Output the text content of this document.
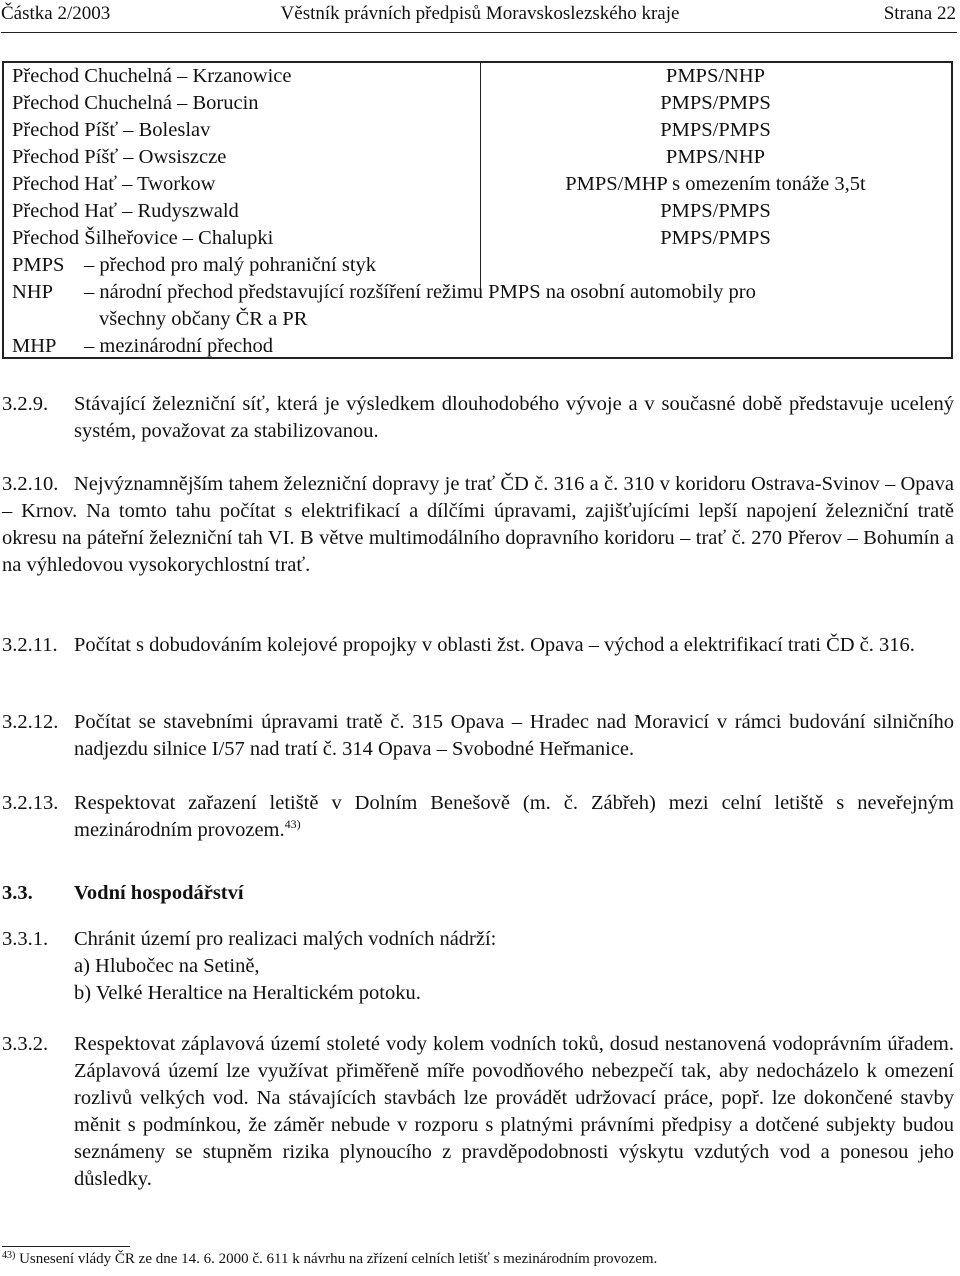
Částka 2/2003	Věstník právních předpisů Moravskoslezského kraje	Strana 22
Přechod Chuchelná – Krzanowice	PMPS/NHP
Přechod Chuchelná – Borucin	PMPS/PMPS
Přechod Píšť – Boleslav	PMPS/PMPS
Přechod Píšť – Owsiszcze	PMPS/NHP
Přechod Hať – Tworkow	PMPS/MHP s omezením tonáže 3,5t
Přechod Hať – Rudyszwald	PMPS/PMPS
Přechod Šilheřovice – Chalupki	PMPS/PMPS
PMPS – přechod pro malý pohraniční styk
NHP – národní přechod představující rozšíření režimu PMPS na osobní automobily pro
všechny občany ČR a PR
MHP – mezinárodní přechod
3.2.9. Stávající železniční síť, která je výsledkem dlouhodobého vývoje a v současné době představuje ucelený systém, považovat za stabilizovanou.
3.2.10. Nejvýznamnějším tahem železniční dopravy je trať ČD č. 316 a č. 310 v koridoru Ostrava-Svinov – Opava – Krnov. Na tomto tahu počítat s elektrifikací a dílčími úpravami, zajišťujícími lepší napojení železniční tratě okresu na páteřní železniční tah VI. B větve multimodálního dopravního koridoru – trať č. 270 Přerov – Bohumín a na výhledovou vysokorychlostní trať.
3.2.11. Počítat s dobudováním kolejové propojky v oblasti žst. Opava – východ a elektrifikací trati ČD č. 316.
3.2.12. Počítat se stavebními úpravami tratě č. 315 Opava – Hradec nad Moravicí v rámci budování silničního nadjezdu silnice I/57 nad tratí č. 314 Opava – Svobodné Heřmanice.
3.2.13. Respektovat zařazení letiště v Dolním Benešově (m. č. Zábřeh) mezi celní letiště s neveřejným mezinárodním provozem.$^{43)}$
3.3. Vodní hospodářství
3.3.1. Chránit území pro realizaci malých vodních nádrží:
a) Hlubočec na Setině,
b) Velké Heraltice na Heraltickém potoku.
3.3.2. Respektovat záplavová území stoleté vody kolem vodních toků, dosud nestanovená vodoprávním úřadem. Záplavová území lze využívat přiměřeně míře povodňového nebezpečí tak, aby nedocházelo k omezení rozlivů velkých vod. Na stávajících stavbách lze provádět udržovací práce, popř. lze dokončené stavby měnit s podmínkou, že záměr nebude v rozporu s platnými právními předpisy a dotčené subjekty budou seznámeny se stupněm rizika plynoucího z pravděpodobnosti výskytu vzdutých vod a ponesou jeho důsledky.
$^{43)}$ Usnesení vlády ČR ze dne 14. 6. 2000 č. 611 k návrhu na zřízení celních letišť s mezinárodním provozem.
